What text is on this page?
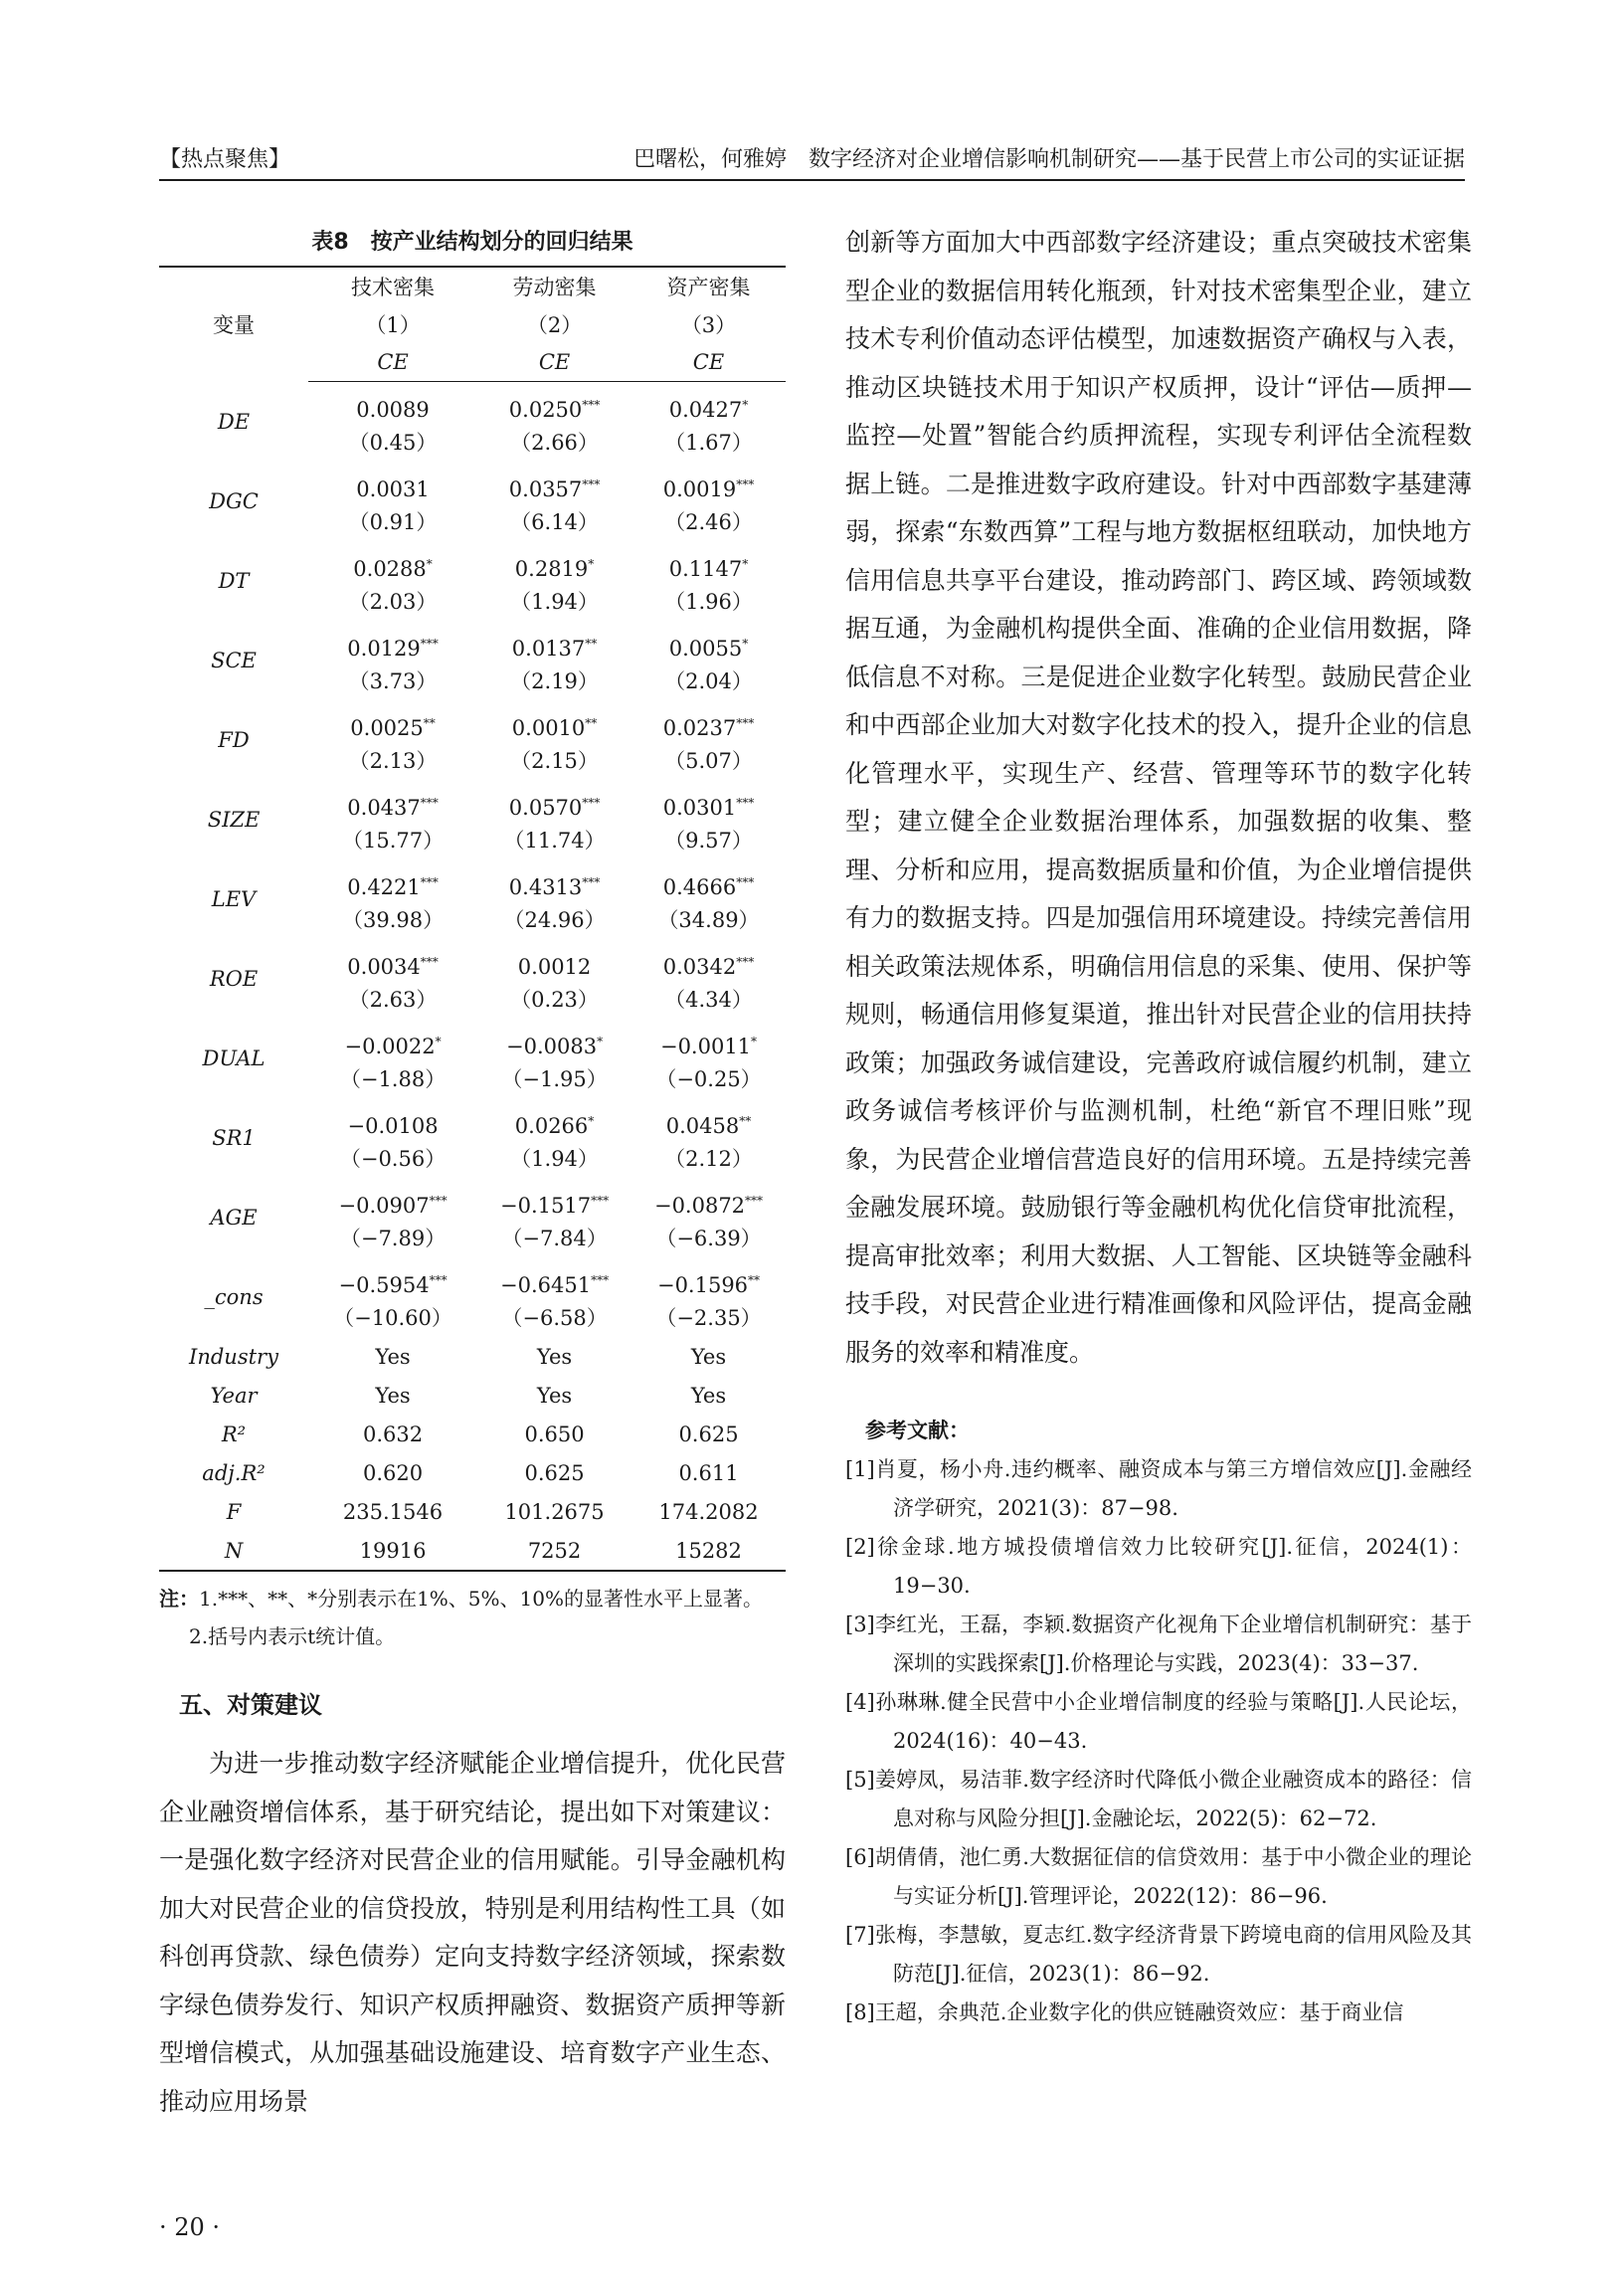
【热点聚焦】	巴曙松，何雅婷　数字经济对企业增信影响机制研究——基于民营上市公司的实证证据
表8　按产业结构划分的回归结果
变量	技术密集	劳动密集	资产密集
	（1）	（2）	（3）
	CE	CE	CE
DE	0.0089	0.0250***	0.0427*
	（0.45）	（2.66）	（1.67）
DGC	0.0031	0.0357***	0.0019***
	（0.91）	（6.14）	（2.46）
DT	0.0288*	0.2819*	0.1147*
	（2.03）	（1.94）	（1.96）
SCE	0.0129***	0.0137**	0.0055*
	（3.73）	（2.19）	（2.04）
FD	0.0025**	0.0010**	0.0237***
	（2.13）	（2.15）	（5.07）
SIZE	0.0437***	0.0570***	0.0301***
	（15.77）	（11.74）	（9.57）
LEV	0.4221***	0.4313***	0.4666***
	（39.98）	（24.96）	（34.89）
ROE	0.0034***	0.0012	0.0342***
	（2.63）	（0.23）	（4.34）
DUAL	−0.0022*	−0.0083*	−0.0011*
	（−1.88）	（−1.95）	（−0.25）
SR1	−0.0108	0.0266*	0.0458**
	（−0.56）	（1.94）	（2.12）
AGE	−0.0907***	−0.1517***	−0.0872***
	（−7.89）	（−7.84）	（−6.39）
_cons	−0.5954***	−0.6451***	−0.1596**
	（−10.60）	（−6.58）	（−2.35）
Industry	Yes	Yes	Yes
Year	Yes	Yes	Yes
R²	0.632	0.650	0.625
adj.R²	0.620	0.625	0.611
F	235.1546	101.2675	174.2082
N	19916	7252	15282
注：1.***、**、*分别表示在1%、5%、10%的显著性水平上显著。
2.括号内表示t统计值。
五、对策建议

为进一步推动数字经济赋能企业增信提升，优化民营企业融资增信体系，基于研究结论，提出如下对策建议：一是强化数字经济对民营企业的信用赋能。引导金融机构加大对民营企业的信贷投放，特别是利用结构性工具（如科创再贷款、绿色债券）定向支持数字经济领域，探索数字绿色债券发行、知识产权质押融资、数据资产质押等新型增信模式，从加强基础设施建设、培育数字产业生态、推动应用场景

创新等方面加大中西部数字经济建设；重点突破技术密集型企业的数据信用转化瓶颈，针对技术密集型企业，建立技术专利价值动态评估模型，加速数据资产确权与入表，推动区块链技术用于知识产权质押，设计“评估—质押—监控—处置”智能合约质押流程，实现专利评估全流程数据上链。二是推进数字政府建设。针对中西部数字基建薄弱，探索“东数西算”工程与地方数据枢纽联动，加快地方信用信息共享平台建设，推动跨部门、跨区域、跨领域数据互通，为金融机构提供全面、准确的企业信用数据，降低信息不对称。三是促进企业数字化转型。鼓励民营企业和中西部企业加大对数字化技术的投入，提升企业的信息化管理水平，实现生产、经营、管理等环节的数字化转型；建立健全企业数据治理体系，加强数据的收集、整理、分析和应用，提高数据质量和价值，为企业增信提供有力的数据支持。四是加强信用环境建设。持续完善信用相关政策法规体系，明确信用信息的采集、使用、保护等规则，畅通信用修复渠道，推出针对民营企业的信用扶持政策；加强政务诚信建设，完善政府诚信履约机制，建立政务诚信考核评价与监测机制，杜绝“新官不理旧账”现象，为民营企业增信营造良好的信用环境。五是持续完善金融发展环境。鼓励银行等金融机构优化信贷审批流程，提高审批效率；利用大数据、人工智能、区块链等金融科技手段，对民营企业进行精准画像和风险评估，提高金融服务的效率和精准度。

参考文献：
[1]肖夏，杨小舟.违约概率、融资成本与第三方增信效应[J].金融经济学研究，2021(3)：87−98.
[2]徐金球.地方城投债增信效力比较研究[J].征信，2024(1)：19−30.
[3]李红光，王磊，李颖.数据资产化视角下企业增信机制研究：基于深圳的实践探索[J].价格理论与实践，2023(4)：33−37.
[4]孙琳琳.健全民营中小企业增信制度的经验与策略[J].人民论坛，2024(16)：40−43.
[5]姜婷凤，易洁菲.数字经济时代降低小微企业融资成本的路径：信息对称与风险分担[J].金融论坛，2022(5)：62−72.
[6]胡倩倩，池仁勇.大数据征信的信贷效用：基于中小微企业的理论与实证分析[J].管理评论，2022(12)：86−96.
[7]张梅，李慧敏，夏志红.数字经济背景下跨境电商的信用风险及其防范[J].征信，2023(1)：86−92.
[8]王超，余典范.企业数字化的供应链融资效应：基于商业信
· 20 ·
